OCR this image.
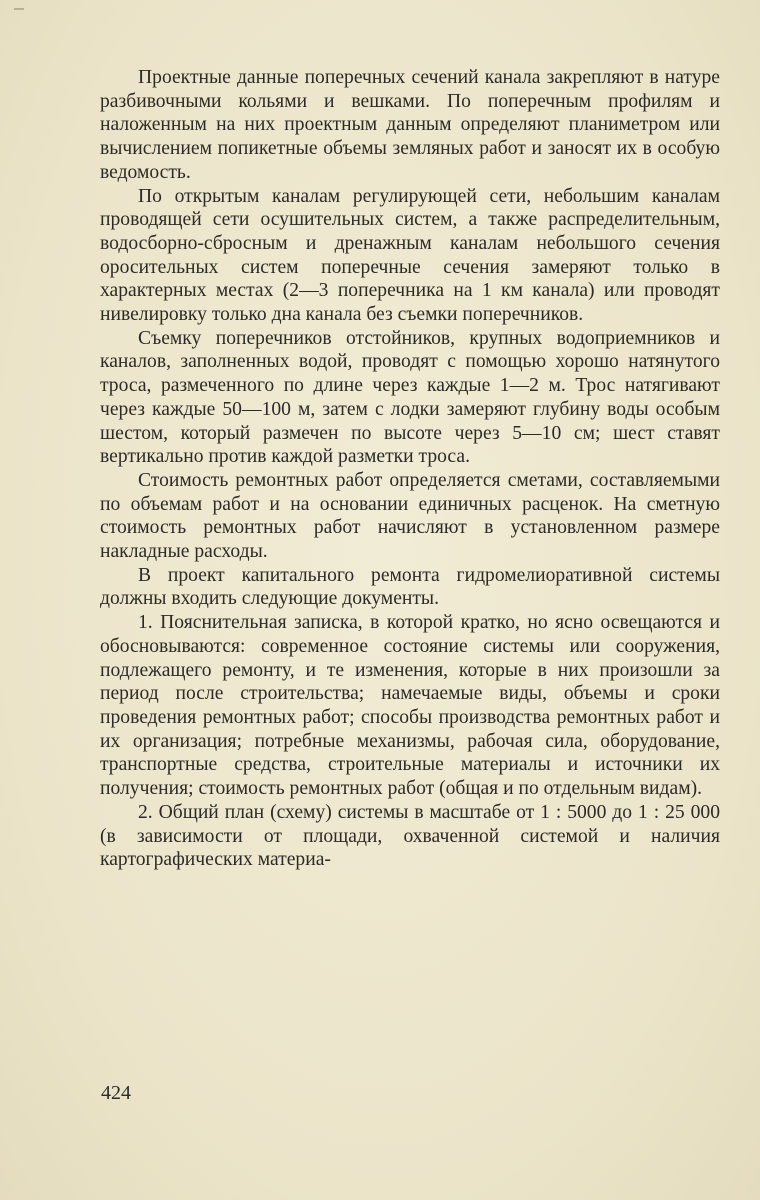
Проектные данные поперечных сечений канала закрепляют в натуре разбивочными кольями и вешками. По поперечным профилям и наложенным на них проектным данным определяют планиметром или вычислением попикетные объемы земляных работ и заносят их в особую ведомость.

По открытым каналам регулирующей сети, небольшим каналам проводящей сети осушительных систем, а также распределительным, водосборно-сбросным и дренажным каналам небольшого сечения оросительных систем поперечные сечения замеряют только в характерных местах (2—3 поперечника на 1 км канала) или проводят нивелировку только дна канала без съемки поперечников.

Съемку поперечников отстойников, крупных водоприемников и каналов, заполненных водой, проводят с помощью хорошо натянутого троса, размеченного по длине через каждые 1—2 м. Трос натягивают через каждые 50—100 м, затем с лодки замеряют глубину воды особым шестом, который размечен по высоте через 5—10 см; шест ставят вертикально против каждой разметки троса.

Стоимость ремонтных работ определяется сметами, составляемыми по объемам работ и на основании единичных расценок. На сметную стоимость ремонтных работ начисляют в установленном размере накладные расходы.

В проект капитального ремонта гидромелиоративной системы должны входить следующие документы.

1. Пояснительная записка, в которой кратко, но ясно освещаются и обосновываются: современное состояние системы или сооружения, подлежащего ремонту, и те изменения, которые в них произошли за период после строительства; намечаемые виды, объемы и сроки проведения ремонтных работ; способы производства ремонтных работ и их организация; потребные механизмы, рабочая сила, оборудование, транспортные средства, строительные материалы и источники их получения; стоимость ремонтных работ (общая и по отдельным видам).

2. Общий план (схему) системы в масштабе от 1 : 5000 до 1 : 25 000 (в зависимости от площади, охваченной системой и наличия картографических материа-

424
